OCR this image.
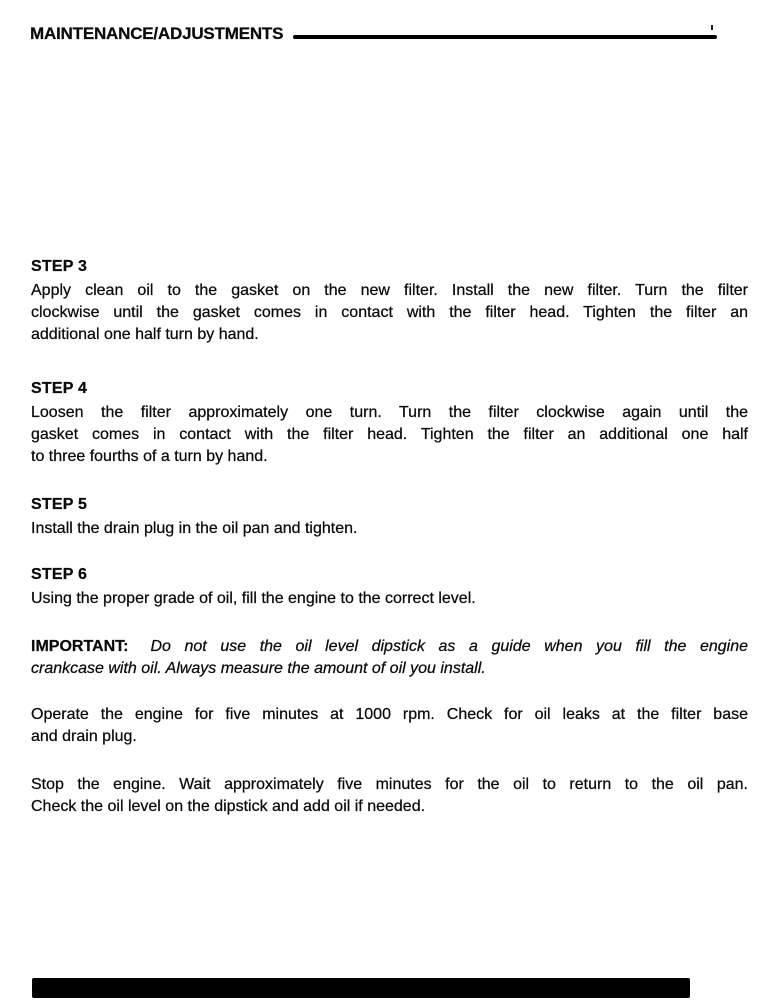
MAINTENANCE/ADJUSTMENTS
STEP 3
Apply clean oil to the gasket on the new filter. Install the new filter. Turn the filter
clockwise until the gasket comes in contact with the filter head. Tighten the filter an
additional one half turn by hand.
STEP 4
Loosen the filter approximately one turn. Turn the filter clockwise again until the
gasket comes in contact with the filter head. Tighten the filter an additional one half
to three fourths of a turn by hand.
STEP 5
Install the drain plug in the oil pan and tighten.
STEP 6
Using the proper grade of oil, fill the engine to the correct level.
IMPORTANT: Do not use the oil level dipstick as a guide when you fill the engine
crankcase with oil. Always measure the amount of oil you install.
Operate the engine for five minutes at 1000 rpm. Check for oil leaks at the filter base
and drain plug.
Stop the engine. Wait approximately five minutes for the oil to return to the oil pan.
Check the oil level on the dipstick and add oil if needed.
